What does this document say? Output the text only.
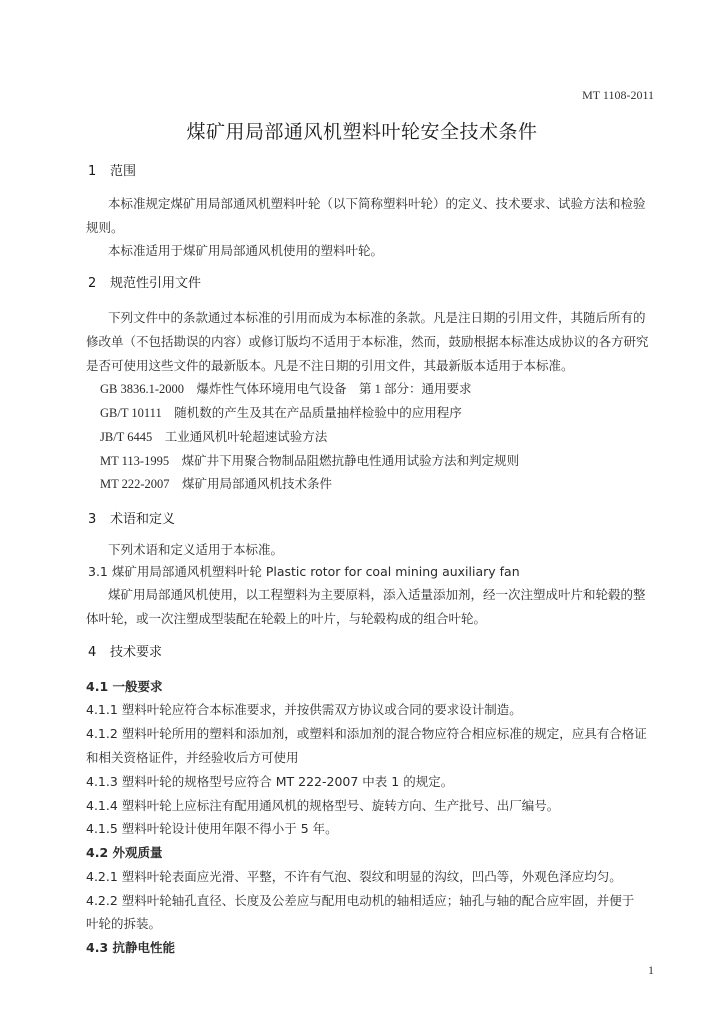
MT 1108-2011
煤矿用局部通风机塑料叶轮安全技术条件
1 范围
本标准规定煤矿用局部通风机塑料叶轮（以下简称塑料叶轮）的定义、技术要求、试验方法和检验
规则。
本标准适用于煤矿用局部通风机使用的塑料叶轮。
2 规范性引用文件
下列文件中的条款通过本标准的引用而成为本标准的条款。凡是注日期的引用文件，其随后所有的
修改单（不包括勘误的内容）或修订版均不适用于本标准，然而，鼓励根据本标准达成协议的各方研究
是否可使用这些文件的最新版本。凡是不注日期的引用文件，其最新版本适用于本标准。
GB 3836.1-2000　爆炸性气体环境用电气设备　第 1 部分：通用要求
GB/T 10111　随机数的产生及其在产品质量抽样检验中的应用程序
JB/T 6445　工业通风机叶轮超速试验方法
MT 113-1995　煤矿井下用聚合物制品阻燃抗静电性通用试验方法和判定规则
MT 222-2007　煤矿用局部通风机技术条件
3 术语和定义
下列术语和定义适用于本标准。
3.1 煤矿用局部通风机塑料叶轮 Plastic rotor for coal mining auxiliary fan
煤矿用局部通风机使用，以工程塑料为主要原料，添入适量添加剂，经一次注塑成叶片和轮毂的整
体叶轮，或一次注塑成型装配在轮毂上的叶片，与轮毂构成的组合叶轮。
4 技术要求
4.1 一般要求
4.1.1 塑料叶轮应符合本标准要求，并按供需双方协议或合同的要求设计制造。
4.1.2 塑料叶轮所用的塑料和添加剂，或塑料和添加剂的混合物应符合相应标准的规定，应具有合格证
和相关资格证件，并经验收后方可使用
4.1.3 塑料叶轮的规格型号应符合 MT 222-2007 中表 1 的规定。
4.1.4 塑料叶轮上应标注有配用通风机的规格型号、旋转方向、生产批号、出厂编号。
4.1.5 塑料叶轮设计使用年限不得小于 5 年。
4.2 外观质量
4.2.1 塑料叶轮表面应光滑、平整，不许有气泡、裂纹和明显的沟纹，凹凸等，外观色泽应均匀。
4.2.2 塑料叶轮轴孔直径、长度及公差应与配用电动机的轴相适应；轴孔与轴的配合应牢固，并便于
叶轮的拆装。
4.3 抗静电性能
1
